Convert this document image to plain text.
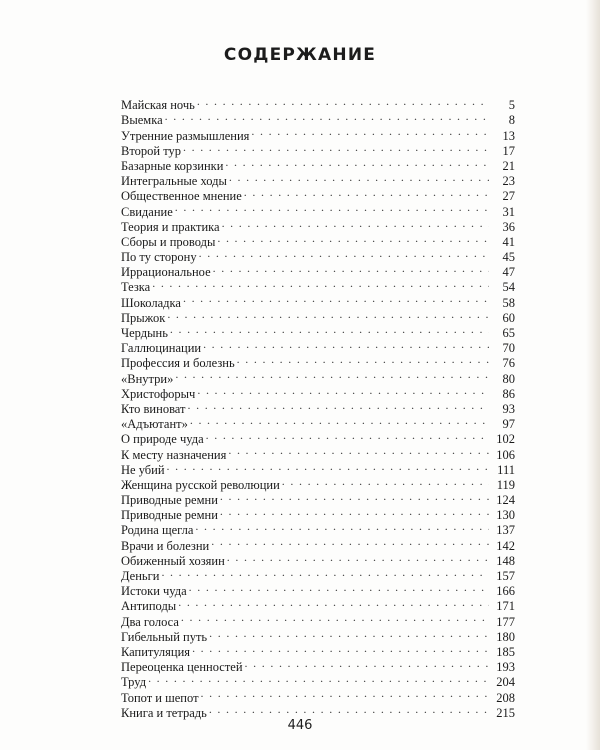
СОДЕРЖАНИЕ
Майская ночь . . .	5
Выемка . . .	8
Утренние размышления . . .	13
Второй тур . . .	17
Базарные корзинки . . .	21
Интегральные ходы . . .	23
Общественное мнение . . .	27
Свидание . . .	31
Теория и практика . . .	36
Сборы и проводы . . .	41
По ту сторону . . .	45
Иррациональное . . .	47
Тезка . . .	54
Шоколадка . . .	58
Прыжок . . .	60
Чердынь . . .	65
Галлюцинации . . .	70
Профессия и болезнь . . .	76
«Внутри» . . .	80
Христофорыч . . .	86
Кто виноват . . .	93
«Адъютант» . . .	97
О природе чуда . . .	102
К месту назначения . . .	106
Не убий . . .	111
Женщина русской революции . . .	119
Приводные ремни . . .	124
Приводные ремни . . .	130
Родина щегла . . .	137
Врачи и болезни . . .	142
Обиженный хозяин . . .	148
Деньги . . .	157
Истоки чуда . . .	166
Антиподы . . .	171
Два голоса . . .	177
Гибельный путь . . .	180
Капитуляция . . .	185
Переоценка ценностей . . .	193
Труд . . .	204
Топот и шепот . . .	208
Книга и тетрадь . . .	215
446
